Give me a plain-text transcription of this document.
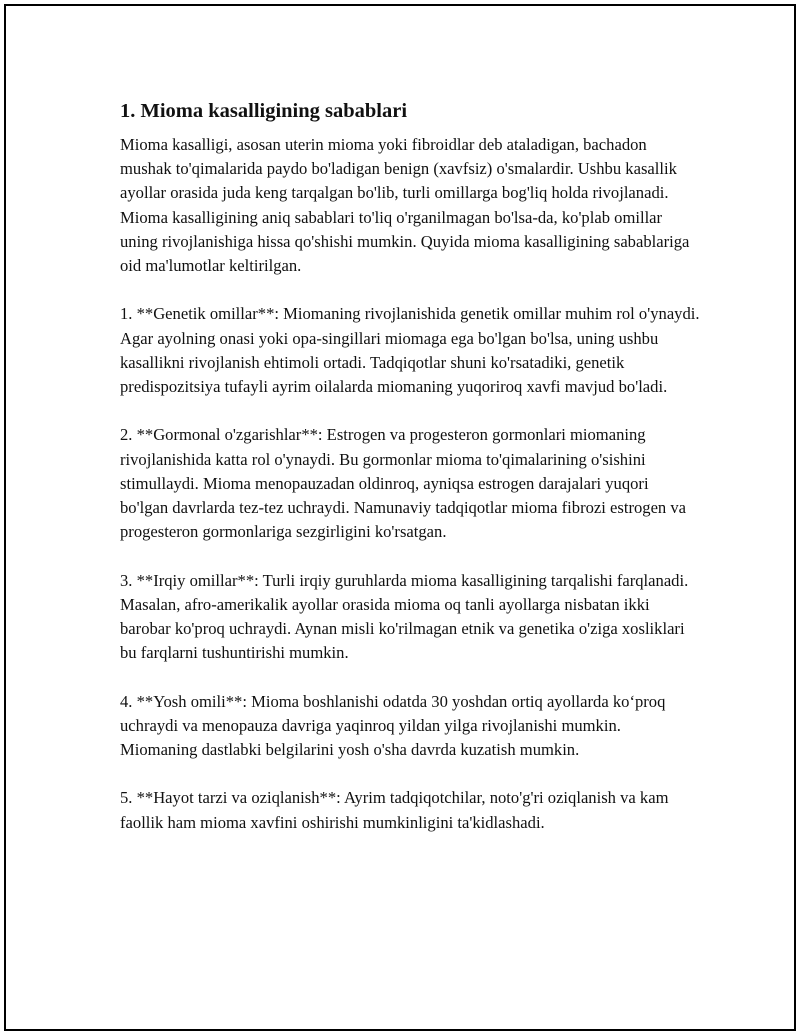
1. Mioma kasalligining sabablari

Mioma kasalligi, asosan uterin mioma yoki fibroidlar deb ataladigan, bachadon mushak to'qimalarida paydo bo'ladigan benign (xavfsiz) o'smalardir. Ushbu kasallik ayollar orasida juda keng tarqalgan bo'lib, turli omillarga bog'liq holda rivojlanadi. Mioma kasalligining aniq sabablari to'liq o'rganilmagan bo'lsa-da, ko'plab omillar uning rivojlanishiga hissa qo'shishi mumkin. Quyida mioma kasalligining sabablariga oid ma'lumotlar keltirilgan.

1. **Genetik omillar**: Miomaning rivojlanishida genetik omillar muhim rol o'ynaydi. Agar ayolning onasi yoki opa-singillari miomaga ega bo'lgan bo'lsa, uning ushbu kasallikni rivojlanish ehtimoli ortadi. Tadqiqotlar shuni ko'rsatadiki, genetik predispozitsiya tufayli ayrim oilalarda miomaning yuqoriroq xavfi mavjud bo'ladi.

2. **Gormonal o'zgarishlar**: Estrogen va progesteron gormonlari miomaning rivojlanishida katta rol o'ynaydi. Bu gormonlar mioma to'qimalarining o'sishini stimullaydi. Mioma menopauzadan oldinroq, ayniqsa estrogen darajalari yuqori bo'lgan davrlarda tez-tez uchraydi. Namunaviy tadqiqotlar mioma fibrozi estrogen va progesteron gormonlariga sezgirligini ko'rsatgan.

3. **Irqiy omillar**: Turli irqiy guruhlarda mioma kasalligining tarqalishi farqlanadi. Masalan, afro-amerikalik ayollar orasida mioma oq tanli ayollarga nisbatan ikki barobar ko'proq uchraydi. Aynan misli ko'rilmagan etnik va genetika o'ziga xosliklari bu farqlarni tushuntirishi mumkin.

4. **Yosh omili**: Mioma boshlanishi odatda 30 yoshdan ortiq ayollarda ko‘proq uchraydi va menopauza davriga yaqinroq yildan yilga rivojlanishi mumkin. Miomaning dastlabki belgilarini yosh o'sha davrda kuzatish mumkin.

5. **Hayot tarzi va oziqlanish**: Ayrim tadqiqotchilar, noto'g'ri oziqlanish va kam faollik ham mioma xavfini oshirishi mumkinligini ta'kidlashadi.
